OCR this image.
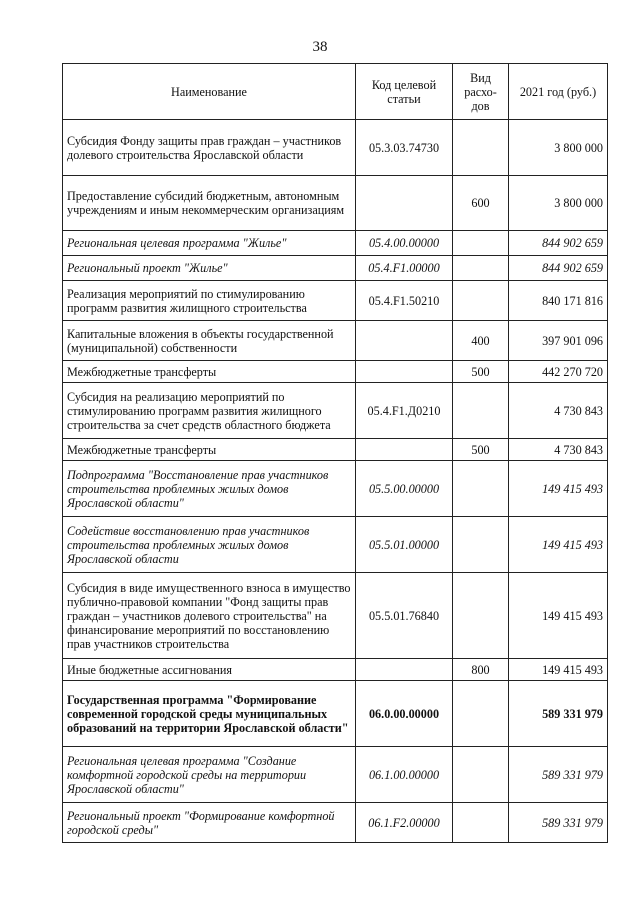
38
Наименование	Код целевой статьи	Вид расхо-дов	2021 год (руб.)
Субсидия Фонду защиты прав граждан – участников долевого строительства Ярославской области	05.3.03.74730		3 800 000
Предоставление субсидий бюджетным, автономным учреждениям и иным некоммерческим организациям		600	3 800 000
Региональная целевая программа "Жилье"	05.4.00.00000		844 902 659
Региональный проект "Жилье"	05.4.F1.00000		844 902 659
Реализация мероприятий по стимулированию программ развития жилищного строительства	05.4.F1.50210		840 171 816
Капитальные вложения в объекты государственной (муниципальной) собственности		400	397 901 096
Межбюджетные трансферты		500	442 270 720
Субсидия на реализацию мероприятий по стимулированию программ развития жилищного строительства за счет средств областного бюджета	05.4.F1.Д0210		4 730 843
Межбюджетные трансферты		500	4 730 843
Подпрограмма "Восстановление прав участников строительства проблемных жилых домов Ярославской области"	05.5.00.00000		149 415 493
Содействие восстановлению прав участников строительства проблемных жилых домов Ярославской области	05.5.01.00000		149 415 493
Субсидия в виде имущественного взноса в имущество публично-правовой компании "Фонд защиты прав граждан – участников долевого строительства" на финансирование мероприятий по восстановлению прав участников строительства	05.5.01.76840		149 415 493
Иные бюджетные ассигнования		800	149 415 493
Государственная программа "Формирование современной городской среды муниципальных образований на территории Ярославской области"	06.0.00.00000		589 331 979
Региональная целевая программа "Создание комфортной городской среды на территории Ярославской области"	06.1.00.00000		589 331 979
Региональный проект "Формирование комфортной городской среды"	06.1.F2.00000		589 331 979
